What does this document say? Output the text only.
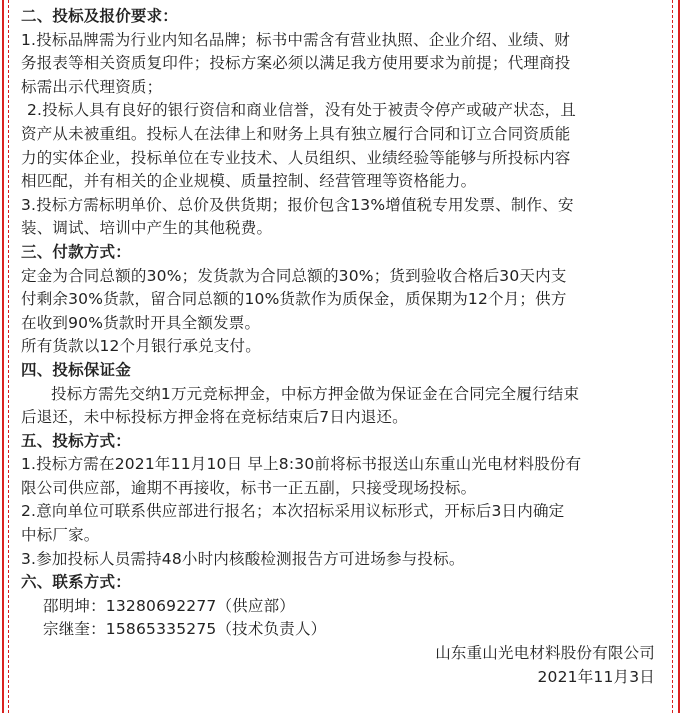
二、投标及报价要求：
1.投标品牌需为行业内知名品牌；标书中需含有营业执照、企业介绍、业绩、财
务报表等相关资质复印件；投标方案必须以满足我方使用要求为前提；代理商投
标需出示代理资质；
2.投标人具有良好的银行资信和商业信誉，没有处于被责令停产或破产状态，且
资产从未被重组。投标人在法律上和财务上具有独立履行合同和订立合同资质能
力的实体企业，投标单位在专业技术、人员组织、业绩经验等能够与所投标内容
相匹配，并有相关的企业规模、质量控制、经营管理等资格能力。
3.投标方需标明单价、总价及供货期；报价包含13%增值税专用发票、制作、安
装、调试、培训中产生的其他税费。
三、付款方式：
定金为合同总额的30%；发货款为合同总额的30%；货到验收合格后30天内支
付剩余30%货款，留合同总额的10%货款作为质保金，质保期为12个月；供方
在收到90%货款时开具全额发票。
所有货款以12个月银行承兑支付。
四、投标保证金
投标方需先交纳1万元竞标押金，中标方押金做为保证金在合同完全履行结束
后退还，未中标投标方押金将在竞标结束后7日内退还。
五、投标方式：
1.投标方需在2021年11月10日 早上8:30前将标书报送山东重山光电材料股份有
限公司供应部，逾期不再接收，标书一正五副，只接受现场投标。
2.意向单位可联系供应部进行报名；本次招标采用议标形式，开标后3日内确定
中标厂家。
3.参加投标人员需持48小时内核酸检测报告方可进场参与投标。
六、联系方式：
邵明坤：13280692277（供应部）
宗继奎：15865335275（技术负责人）
山东重山光电材料股份有限公司
2021年11月3日
